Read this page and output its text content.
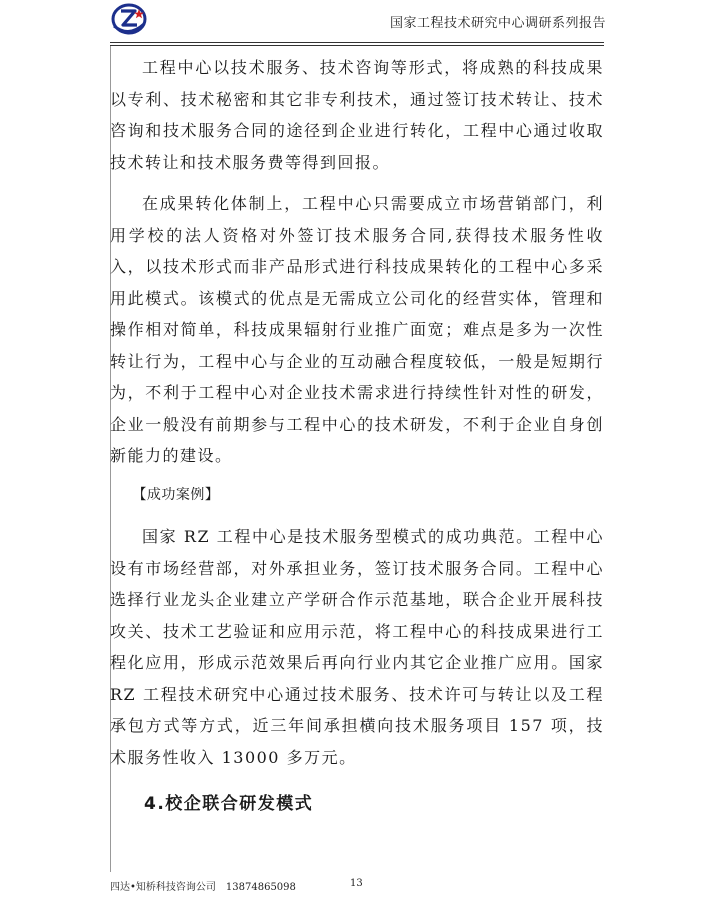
国家工程技术研究中心调研系列报告

工程中心以技术服务、技术咨询等形式，将成熟的科技成果以专利、技术秘密和其它非专利技术，通过签订技术转让、技术咨询和技术服务合同的途径到企业进行转化，工程中心通过收取技术转让和技术服务费等得到回报。

在成果转化体制上，工程中心只需要成立市场营销部门，利用学校的法人资格对外签订技术服务合同,获得技术服务性收入，以技术形式而非产品形式进行科技成果转化的工程中心多采用此模式。该模式的优点是无需成立公司化的经营实体，管理和操作相对简单，科技成果辐射行业推广面宽；难点是多为一次性转让行为，工程中心与企业的互动融合程度较低，一般是短期行为，不利于工程中心对企业技术需求进行持续性针对性的研发，企业一般没有前期参与工程中心的技术研发，不利于企业自身创新能力的建设。

【成功案例】

国家 RZ 工程中心是技术服务型模式的成功典范。工程中心设有市场经营部，对外承担业务，签订技术服务合同。工程中心选择行业龙头企业建立产学研合作示范基地，联合企业开展科技攻关、技术工艺验证和应用示范，将工程中心的科技成果进行工程化应用，形成示范效果后再向行业内其它企业推广应用。国家 RZ 工程技术研究中心通过技术服务、技术许可与转让以及工程承包方式等方式，近三年间承担横向技术服务项目 157 项，技术服务性收入 13000 多万元。

4.校企联合研发模式
四达•知桥科技咨询公司 13874865098	13
